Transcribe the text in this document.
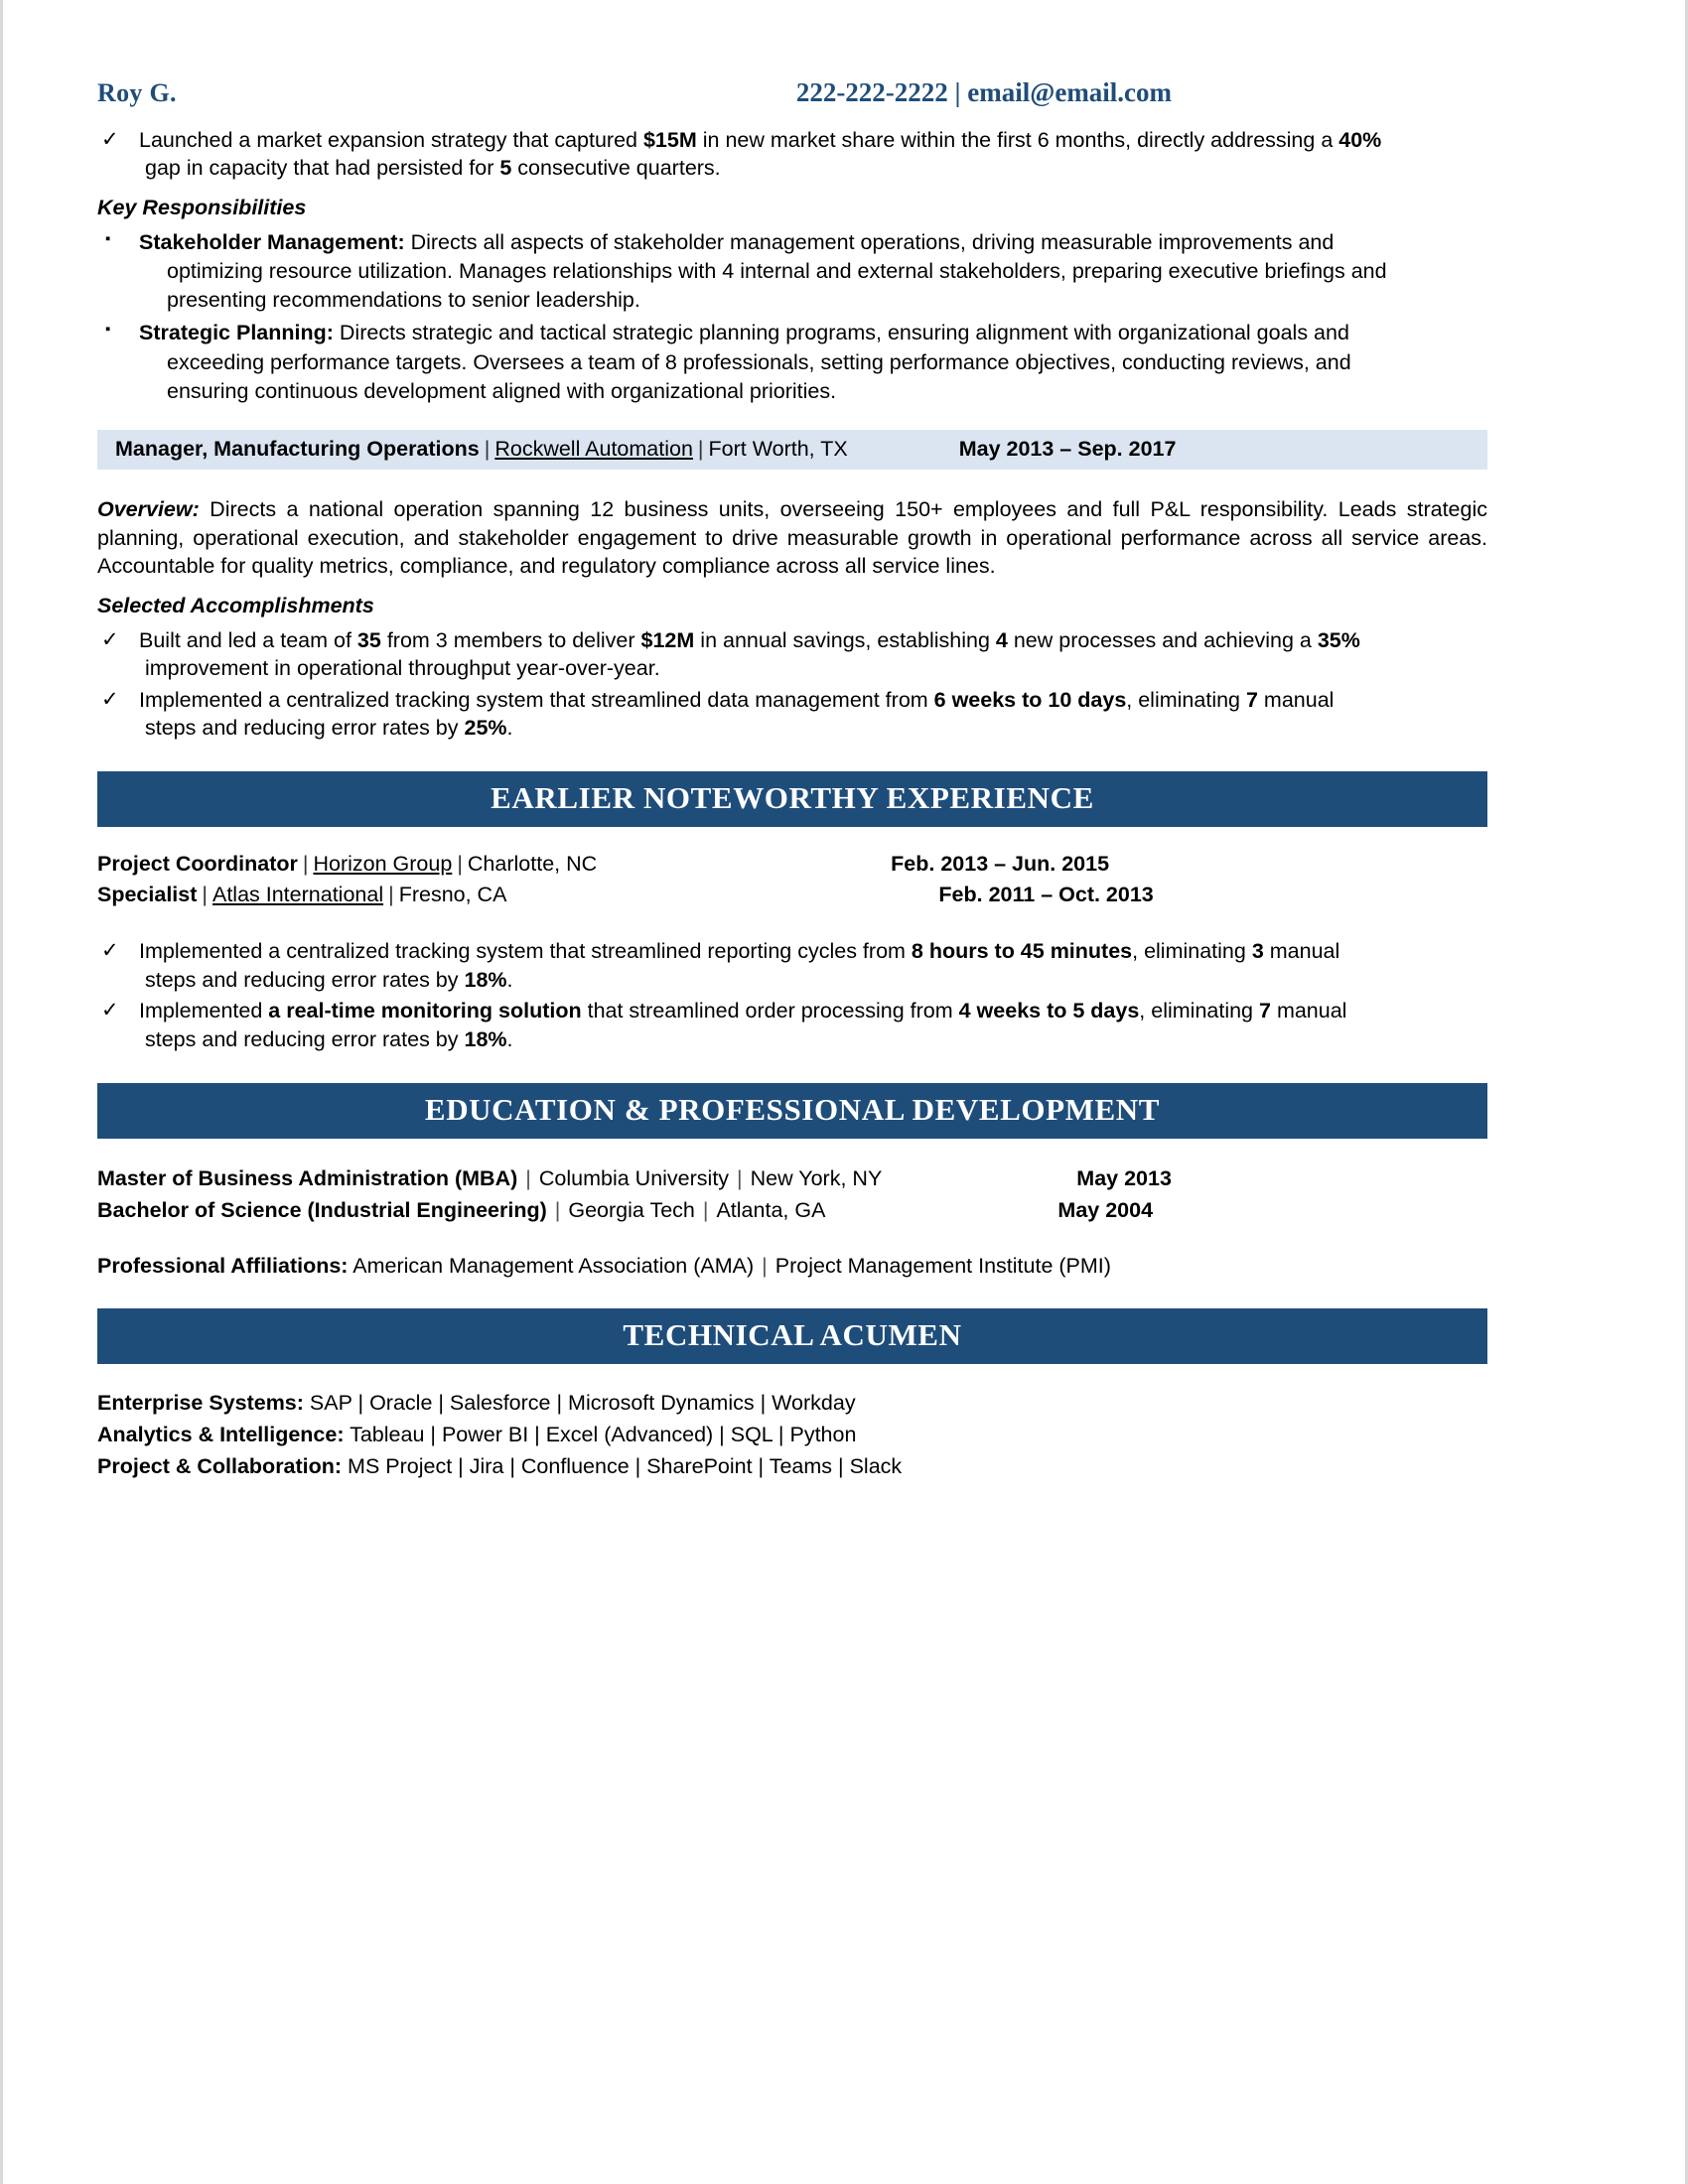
Roy G.	222-222-2222 | email@email.com
✓ Launched a market expansion strategy that captured $15M in new market share within the first 6 months, directly addressing a 40%
gap in capacity that had persisted for 5 consecutive quarters.
Key Responsibilities
▪ Stakeholder Management: Directs all aspects of stakeholder management operations, driving measurable improvements and
optimizing resource utilization. Manages relationships with 4 internal and external stakeholders, preparing executive briefings and
presenting recommendations to senior leadership.
▪ Strategic Planning: Directs strategic and tactical strategic planning programs, ensuring alignment with organizational goals and
exceeding performance targets. Oversees a team of 8 professionals, setting performance objectives, conducting reviews, and
ensuring continuous development aligned with organizational priorities.
Manager, Manufacturing Operations | Rockwell Automation | Fort Worth, TX	May 2013 – Sep. 2017
Overview: Directs a national operation spanning 12 business units, overseeing 150+ employees and full P&L responsibility. Leads strategic planning, operational execution, and stakeholder engagement to drive measurable growth in operational performance across all service areas. Accountable for quality metrics, compliance, and regulatory compliance across all service lines.
Selected Accomplishments
✓ Built and led a team of 35 from 3 members to deliver $12M in annual savings, establishing 4 new processes and achieving a 35%
improvement in operational throughput year-over-year.
✓ Implemented a centralized tracking system that streamlined data management from 6 weeks to 10 days, eliminating 7 manual
steps and reducing error rates by 25%.
EARLIER NOTEWORTHY EXPERIENCE
Project Coordinator | Horizon Group | Charlotte, NC	Feb. 2013 – Jun. 2015
Specialist | Atlas International | Fresno, CA	Feb. 2011 – Oct. 2013
✓ Implemented a centralized tracking system that streamlined reporting cycles from 8 hours to 45 minutes, eliminating 3 manual
steps and reducing error rates by 18%.
✓ Implemented a real-time monitoring solution that streamlined order processing from 4 weeks to 5 days, eliminating 7 manual
steps and reducing error rates by 18%.
EDUCATION & PROFESSIONAL DEVELOPMENT
Master of Business Administration (MBA) | Columbia University | New York, NY	May 2013
Bachelor of Science (Industrial Engineering) | Georgia Tech | Atlanta, GA	May 2004
Professional Affiliations: American Management Association (AMA) | Project Management Institute (PMI)
TECHNICAL ACUMEN
Enterprise Systems: SAP | Oracle | Salesforce | Microsoft Dynamics | Workday
Analytics & Intelligence: Tableau | Power BI | Excel (Advanced) | SQL | Python
Project & Collaboration: MS Project | Jira | Confluence | SharePoint | Teams | Slack
